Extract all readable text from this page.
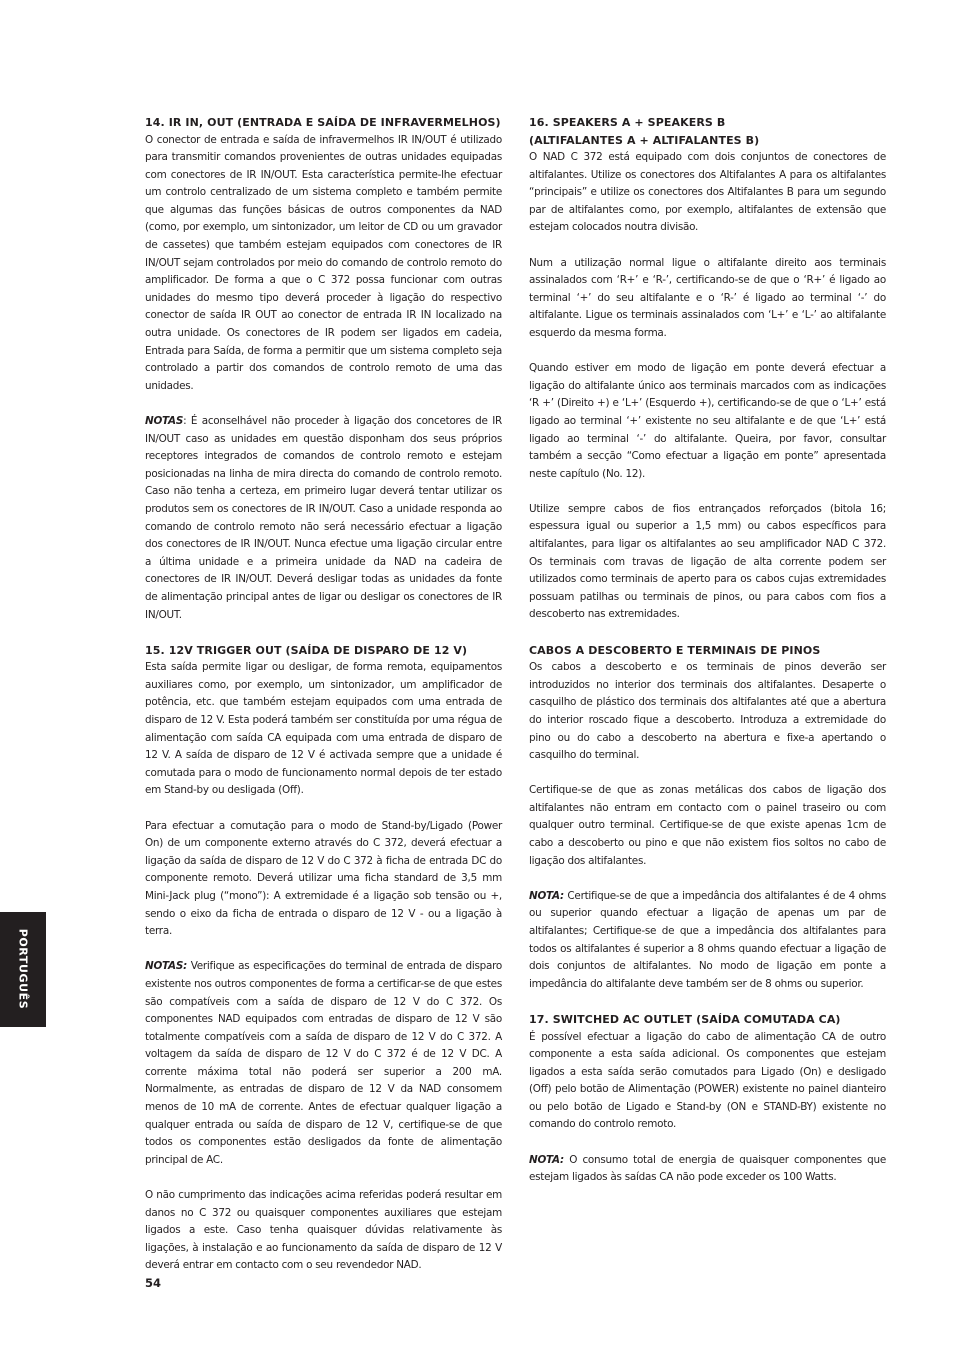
14. IR IN, OUT (ENTRADA E SAÍDA DE INFRAVERMELHOS)

O conector de entrada e saída de infravermelhos IR IN/OUT é utilizado para transmitir comandos provenientes de outras unidades equipadas com conectores de IR IN/OUT. Esta característica permite-lhe efectuar um controlo centralizado de um sistema completo e também permite que algumas das funções básicas de outros componentes da NAD (como, por exemplo, um sintonizador, um leitor de CD ou um gravador de cassetes) que também estejam equipados com conectores de IR IN/OUT sejam controlados por meio do comando de controlo remoto do amplificador. De forma a que o C 372 possa funcionar com outras unidades do mesmo tipo deverá proceder à ligação do respectivo conector de saída IR OUT ao conector de entrada IR IN localizado na outra unidade. Os conectores de IR podem ser ligados em cadeia, Entrada para Saída, de forma a permitir que um sistema completo seja controlado a partir dos comandos de controlo remoto de uma das unidades.

NOTAS: É aconselhável não proceder à ligação dos concetores de IR IN/OUT caso as unidades em questão disponham dos seus próprios receptores integrados de comandos de controlo remoto e estejam posicionadas na linha de mira directa do comando de controlo remoto. Caso não tenha a certeza, em primeiro lugar deverá tentar utilizar os produtos sem os conectores de IR IN/OUT. Caso a unidade responda ao comando de controlo remoto não será necessário efectuar a ligação dos conectores de IR IN/OUT. Nunca efectue uma ligação circular entre a última unidade e a primeira unidade da NAD na cadeira de conectores de IR IN/OUT. Deverá desligar todas as unidades da fonte de alimentação principal antes de ligar ou desligar os conectores de IR IN/OUT.

15. 12V TRIGGER OUT (SAÍDA DE DISPARO DE 12 V)

Esta saída permite ligar ou desligar, de forma remota, equipamentos auxiliares como, por exemplo, um sintonizador, um amplificador de potência, etc. que também estejam equipados com uma entrada de disparo de 12 V. Esta poderá também ser constituída por uma régua de alimentação com saída CA equipada com uma entrada de disparo de 12 V. A saída de disparo de 12 V é activada sempre que a unidade é comutada para o modo de funcionamento normal depois de ter estado em Stand-by ou desligada (Off).

Para efectuar a comutação para o modo de Stand-by/Ligado (Power On) de um componente externo através do C 372, deverá efectuar a ligação da saída de disparo de 12 V do C 372 à ficha de entrada DC do componente remoto. Deverá utilizar uma ficha standard de 3,5 mm Mini-Jack plug (“mono”): A extremidade é a ligação sob tensão ou +, sendo o eixo da ficha de entrada o disparo de 12 V - ou a ligação à terra.

NOTAS: Verifique as especificações do terminal de entrada de disparo existente nos outros componentes de forma a certificar-se de que estes são compatíveis com a saída de disparo de 12 V do C 372. Os componentes NAD equipados com entradas de disparo de 12 V são totalmente compatíveis com a saída de disparo de 12 V do C 372. A voltagem da saída de disparo de 12 V do C 372 é de 12 V DC. A corrente máxima total não poderá ser superior a 200 mA. Normalmente, as entradas de disparo de 12 V da NAD consomem menos de 10 mA de corrente. Antes de efectuar qualquer ligação a qualquer entrada ou saída de disparo de 12 V, certifique-se de que todos os componentes estão desligados da fonte de alimentação principal de AC.

O não cumprimento das indicações acima referidas poderá resultar em danos no C 372 ou quaisquer componentes auxiliares que estejam ligados a este. Caso tenha quaisquer dúvidas relativamente às ligações, à instalação e ao funcionamento da saída de disparo de 12 V deverá entrar em contacto com o seu revendedor NAD.

16. SPEAKERS A + SPEAKERS B
(ALTIFALANTES A + ALTIFALANTES B)

O NAD C 372 está equipado com dois conjuntos de conectores de altifalantes. Utilize os conectores dos Altifalantes A para os altifalantes “principais” e utilize os conectores dos Altifalantes B para um segundo par de altifalantes como, por exemplo, altifalantes de extensão que estejam colocados noutra divisão.

Num a utilização normal ligue o altifalante direito aos terminais assinalados com ‘R+’ e ‘R-’, certificando-se de que o ‘R+’ é ligado ao terminal ‘+’ do seu altifalante e o ‘R-’ é ligado ao terminal ‘-’ do altifalante. Ligue os terminais assinalados com ‘L+’ e ‘L-’ ao altifalante esquerdo da mesma forma.

Quando estiver em modo de ligação em ponte deverá efectuar a ligação do altifalante único aos terminais marcados com as indicações ‘R +’ (Direito +) e ‘L+’ (Esquerdo +), certificando-se de que o ‘L+’ está ligado ao terminal ‘+’ existente no seu altifalante e de que ‘L+’ está ligado ao terminal ‘-’ do altifalante. Queira, por favor, consultar também a secção “Como efectuar a ligação em ponte” apresentada neste capítulo (No. 12).

Utilize sempre cabos de fios entrançados reforçados (bitola 16; espessura igual ou superior a 1,5 mm) ou cabos específicos para altifalantes, para ligar os altifalantes ao seu amplificador NAD C 372. Os terminais com travas de ligação de alta corrente podem ser utilizados como terminais de aperto para os cabos cujas extremidades possuam patilhas ou terminais de pinos, ou para cabos com fios a descoberto nas extremidades.

CABOS A DESCOBERTO E TERMINAIS DE PINOS

Os cabos a descoberto e os terminais de pinos deverão ser introduzidos no interior dos terminais dos altifalantes. Desaperte o casquilho de plástico dos terminais dos altifalantes até que a abertura do interior roscado fique a descoberto. Introduza a extremidade do pino ou do cabo a descoberto na abertura e fixe-a apertando o casquilho do terminal.

Certifique-se de que as zonas metálicas dos cabos de ligação dos altifalantes não entram em contacto com o painel traseiro ou com qualquer outro terminal. Certifique-se de que existe apenas 1cm de cabo a descoberto ou pino e que não existem fios soltos no cabo de ligação dos altifalantes.

NOTA: Certifique-se de que a impedância dos altifalantes é de 4 ohms ou superior quando efectuar a ligação de apenas um par de altifalantes; Certifique-se de que a impedância dos altifalantes para todos os altifalantes é superior a 8 ohms quando efectuar a ligação de dois conjuntos de altifalantes. No modo de ligação em ponte a impedância do altifalante deve também ser de 8 ohms ou superior.

17. SWITCHED AC OUTLET (SAÍDA COMUTADA CA)

É possível efectuar a ligação do cabo de alimentação CA de outro componente a esta saída adicional. Os componentes que estejam ligados a esta saída serão comutados para Ligado (On) e desligado (Off) pelo botão de Alimentação (POWER) existente no painel dianteiro ou pelo botão de Ligado e Stand-by (ON e STAND-BY) existente no comando do controlo remoto.

NOTA: O consumo total de energia de quaisquer componentes que estejam ligados às saídas CA não pode exceder os 100 Watts.

PORTUGUÊS
54
